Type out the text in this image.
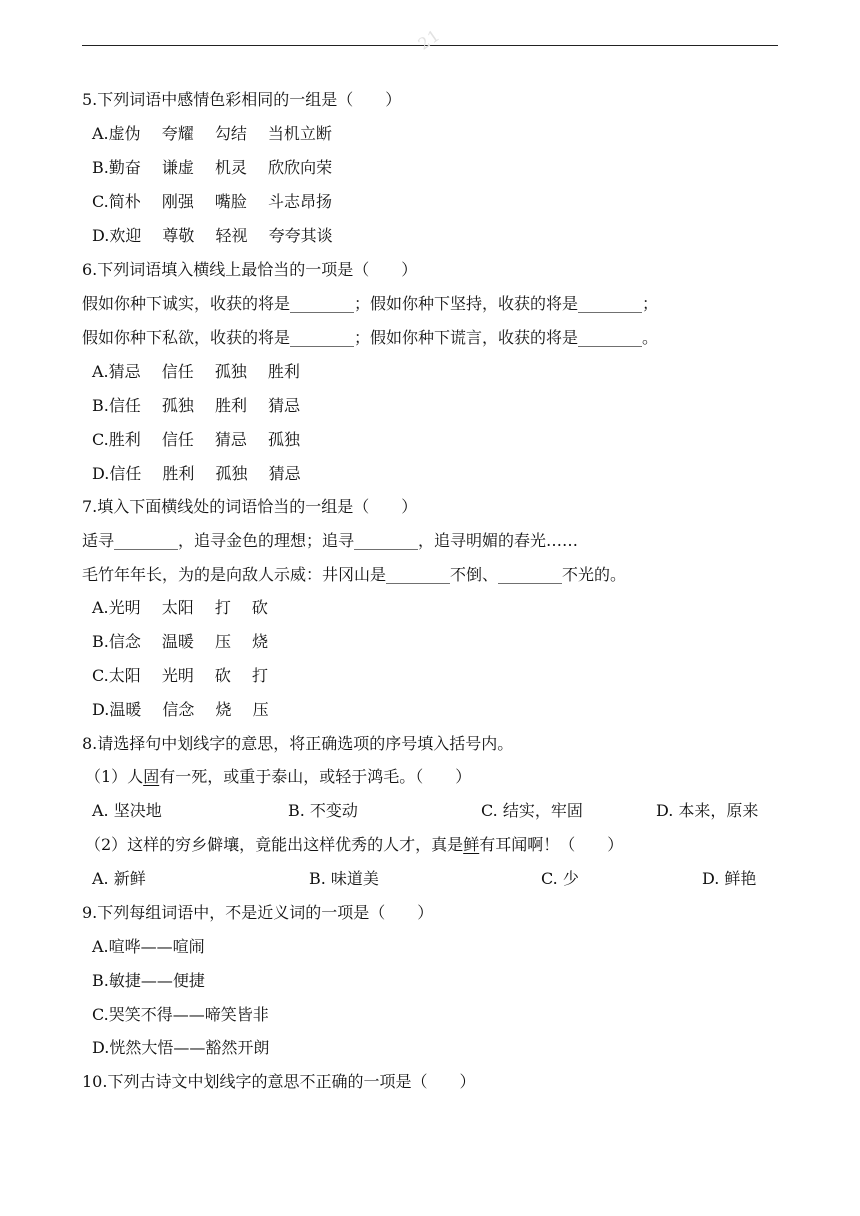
21
5.下列词语中感情色彩相同的一组是（　　）
A.虚伪　 夸耀　 勾结　 当机立断
B.勤奋　 谦虚　 机灵　 欣欣向荣
C.简朴　 刚强　 嘴脸　 斗志昂扬
D.欢迎　 尊敬　 轻视　 夸夸其谈
6.下列词语填入横线上最恰当的一项是（　　）
假如你种下诚实，收获的将是________；假如你种下坚持，收获的将是________；
假如你种下私欲，收获的将是________；假如你种下谎言，收获的将是________。
A.猜忌　 信任　 孤独　 胜利
B.信任　 孤独　 胜利　 猜忌
C.胜利　 信任　 猜忌　 孤独
D.信任　 胜利　 孤独　 猜忌
7.填入下面横线处的词语恰当的一组是（　　）
适寻________，追寻金色的理想；追寻________，追寻明媚的春光……
毛竹年年长，为的是向敌人示威：井冈山是________不倒、________不光的。
A.光明　 太阳　 打　 砍
B.信念　 温暖　 压　 烧
C.太阳　 光明　 砍　 打
D.温暖　 信念　 烧　 压
8.请选择句中划线字的意思，将正确选项的序号填入括号内。
（1）人固有一死，或重于泰山，或轻于鸿毛。（　　）
A. 坚决地	B. 不变动	C. 结实，牢固	D. 本来，原来
（2）这样的穷乡僻壤，竟能出这样优秀的人才，真是鲜有耳闻啊！（　　）
A. 新鲜	B. 味道美	C. 少	D. 鲜艳
9.下列每组词语中，不是近义词的一项是（　　）
A.喧哗——喧闹
B.敏捷——便捷
C.哭笑不得——啼笑皆非
D.恍然大悟——豁然开朗
10.下列古诗文中划线字的意思不正确的一项是（　　）
